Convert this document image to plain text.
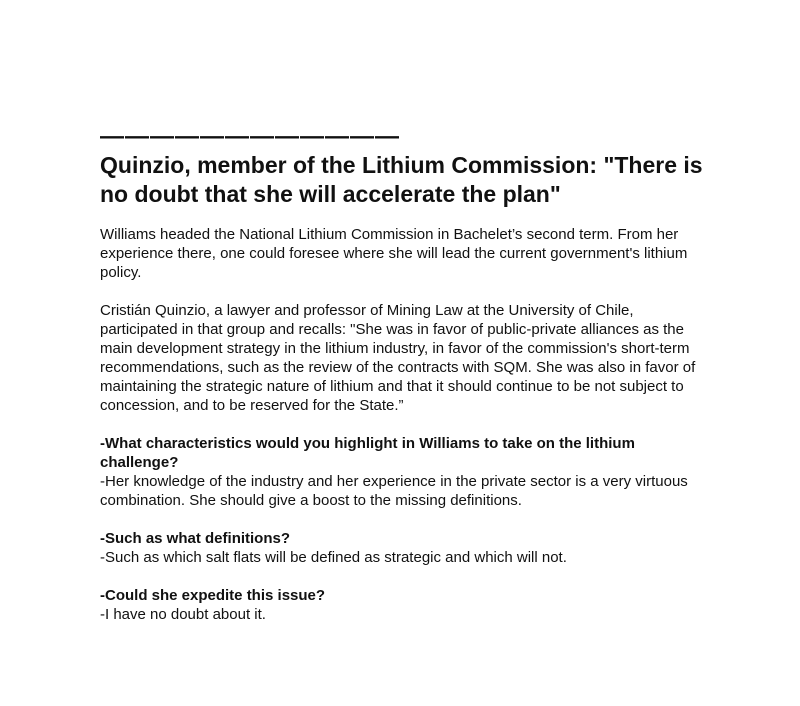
————————————
Quinzio, member of the Lithium Commission: "There is no doubt that she will accelerate the plan"

Williams headed the National Lithium Commission in Bachelet’s second term. From her experience there, one could foresee where she will lead the current government's lithium policy.

Cristián Quinzio, a lawyer and professor of Mining Law at the University of Chile, participated in that group and recalls: "She was in favor of public-private alliances as the main development strategy in the lithium industry, in favor of the commission's short-term recommendations, such as the review of the contracts with SQM. She was also in favor of maintaining the strategic nature of lithium and that it should continue to be not subject to concession, and to be reserved for the State.”

-What characteristics would you highlight in Williams to take on the lithium challenge?
-Her knowledge of the industry and her experience in the private sector is a very virtuous combination. She should give a boost to the missing definitions.
-Such as what definitions?
-Such as which salt flats will be defined as strategic and which will not.
-Could she expedite this issue?
-I have no doubt about it.
